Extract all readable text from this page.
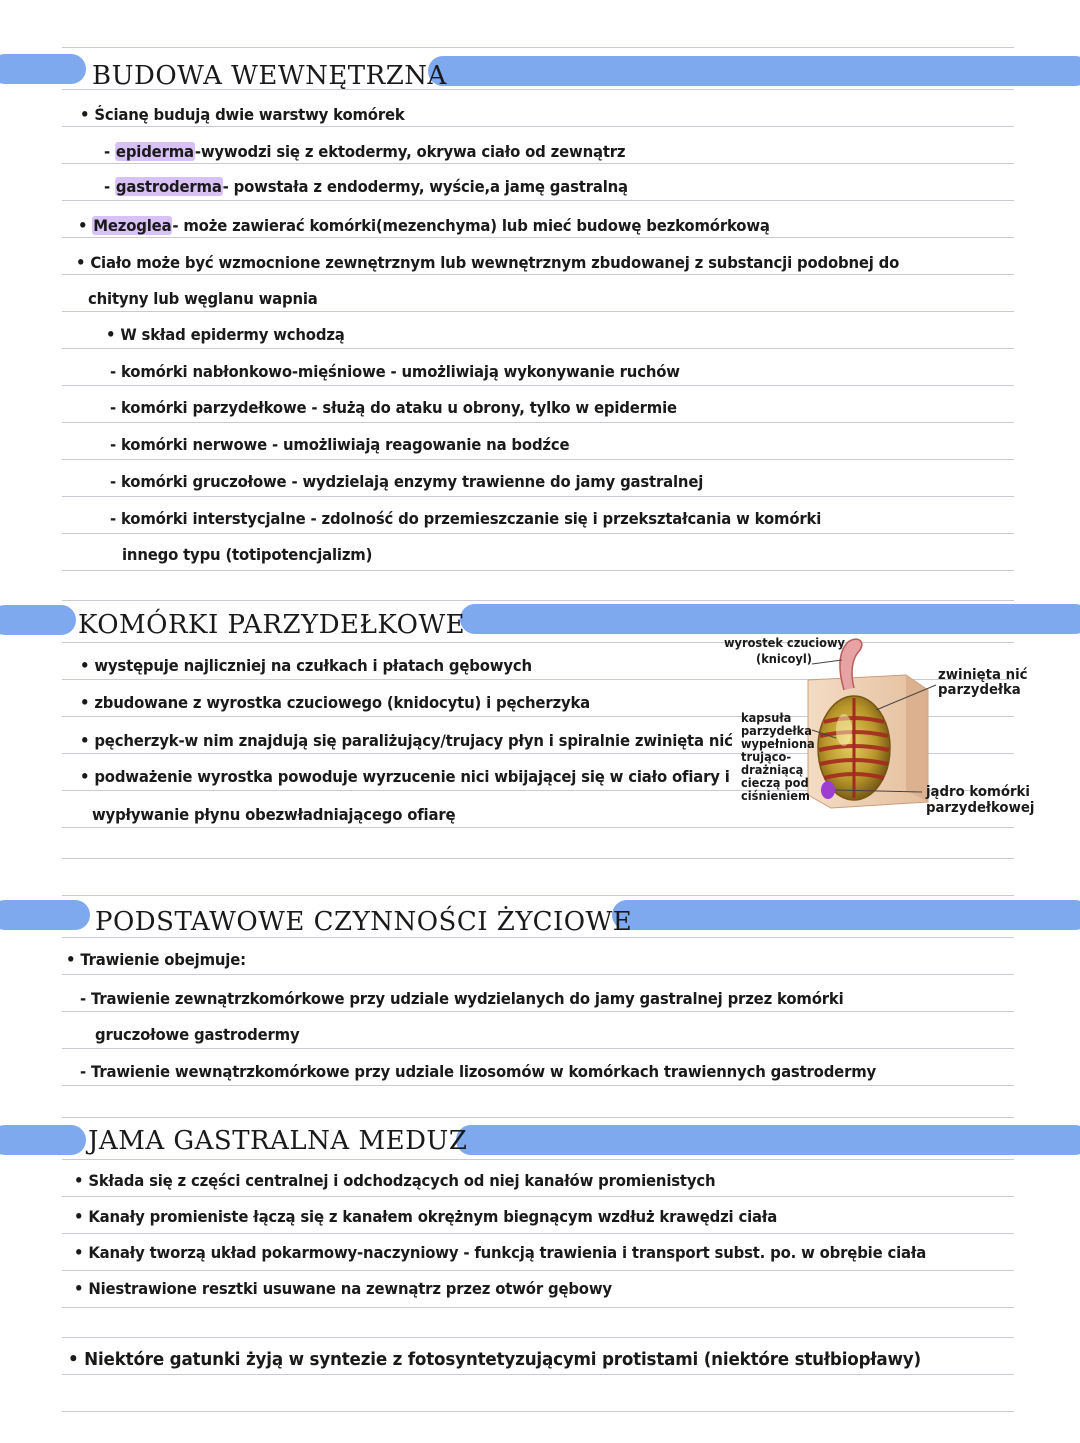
BUDOWA WEWNĘTRZNA
• Ścianę budują dwie warstwy komórek
- epiderma-wywodzi się z ektodermy, okrywa ciało od zewnątrz
- gastroderma- powstała z endodermy, wyście,a jamę gastralną
• Mezoglea- może zawierać komórki(mezenchyma) lub mieć budowę bezkomórkową
• Ciało może być wzmocnione zewnętrznym lub wewnętrznym zbudowanej z substancji podobnej do
chityny lub węglanu wapnia
• W skład epidermy wchodzą
- komórki nabłonkowo-mięśniowe - umożliwiają wykonywanie ruchów
- komórki parzydełkowe - służą do ataku u obrony, tylko w epidermie
- komórki nerwowe - umożliwiają reagowanie na bodźce
- komórki gruczołowe - wydzielają enzymy trawienne do jamy gastralnej
- komórki interstycjalne - zdolność do przemieszczanie się i przekształcania w komórki
innego typu (totipotencjalizm)
KOMÓRKI PARZYDEŁKOWE
• występuje najliczniej na czułkach i płatach gębowych
• zbudowane z wyrostka czuciowego (knidocytu) i pęcherzyka
• pęcherzyk-w nim znajdują się paraliżujący/trujacy płyn i spiralnie zwinięta nić
• podważenie wyrostka powoduje wyrzucenie nici wbijającej się w ciało ofiary i
wypływanie płynu obezwładniającego ofiarę
wyrostek czuciowy
(knicoyl)
zwinięta nić
parzydełka
kapsuła
parzydełka
wypełniona
trująco-
drażniącą
cieczą pod
ciśnieniem	jądro komórki
parzydełkowej
PODSTAWOWE CZYNNOŚCI ŻYCIOWE
• Trawienie obejmuje:
- Trawienie zewnątrzkomórkowe przy udziale wydzielanych do jamy gastralnej przez komórki
gruczołowe gastrodermy
- Trawienie wewnątrzkomórkowe przy udziale lizosomów w komórkach trawiennych gastrodermy
JAMA GASTRALNA MEDUZ
• Składa się z części centralnej i odchodzących od niej kanałów promienistych
• Kanały promieniste łączą się z kanałem okrężnym biegnącym wzdłuż krawędzi ciała
• Kanały tworzą układ pokarmowy-naczyniowy - funkcją trawienia i transport subst. po. w obrębie ciała
• Niestrawione resztki usuwane na zewnątrz przez otwór gębowy
• Niektóre gatunki żyją w syntezie z fotosyntetyzującymi protistami (niektóre stułbiopławy)
